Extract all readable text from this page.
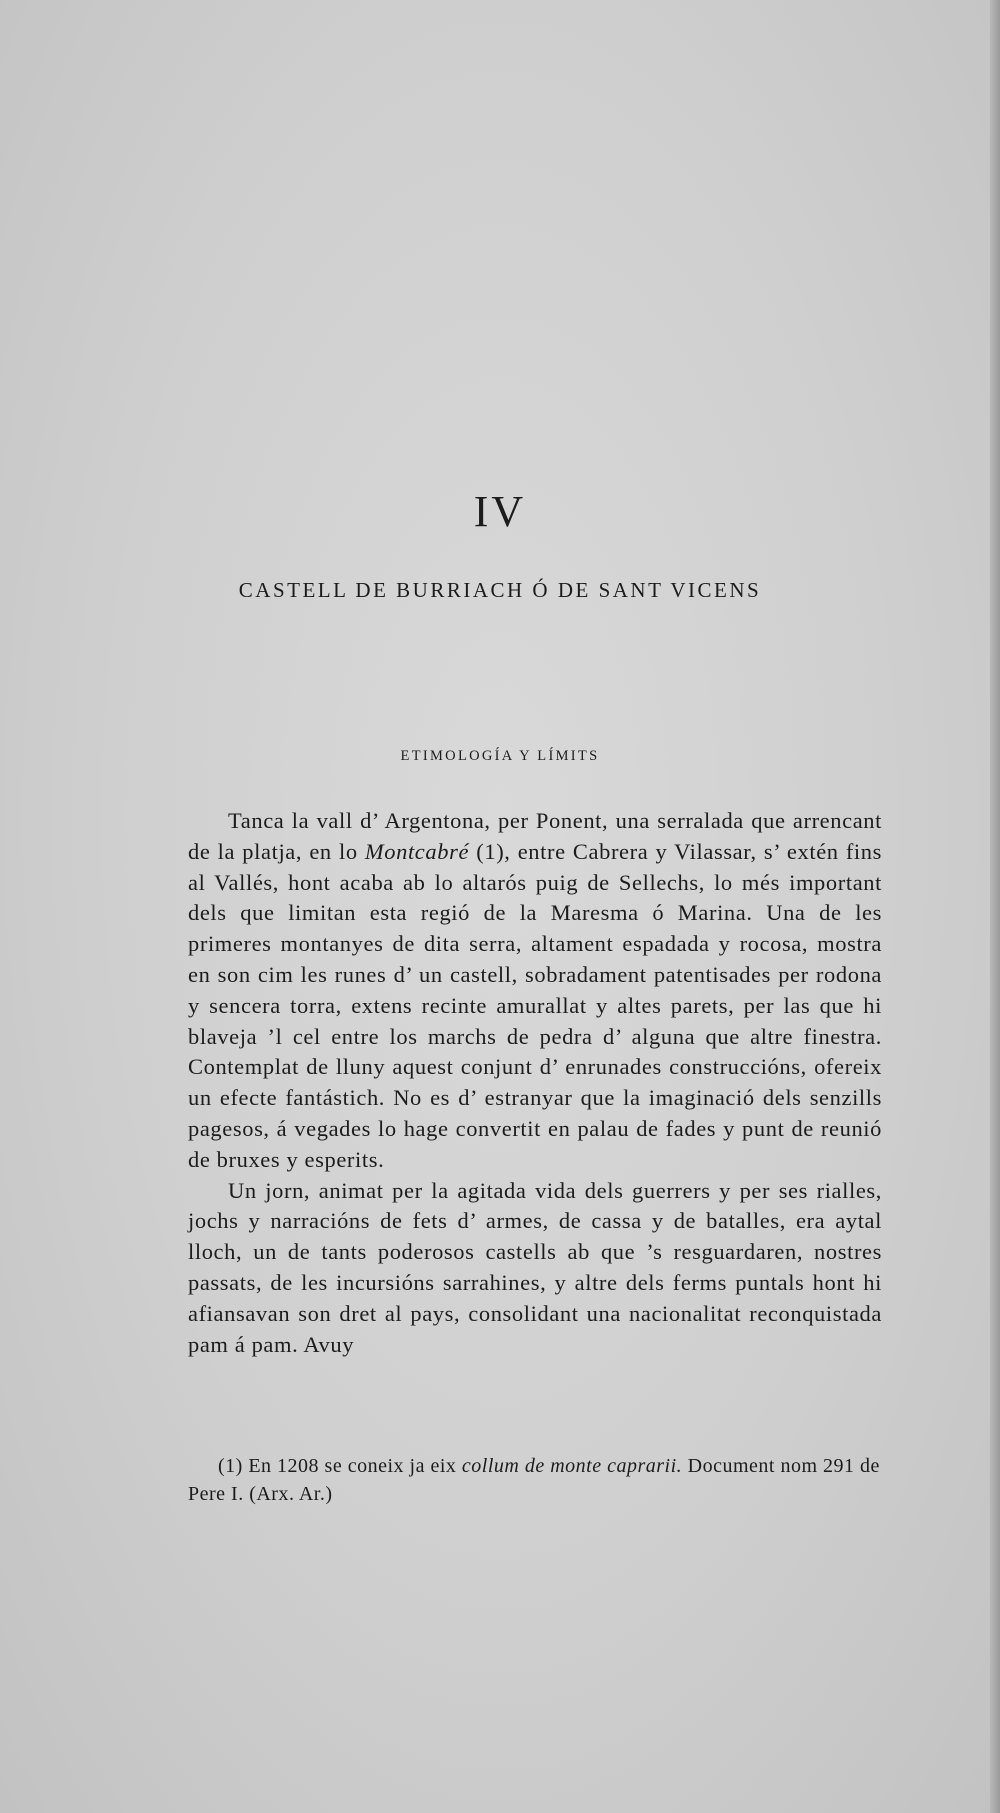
IV
CASTELL DE BURRIACH Ó DE SANT VICENS
ETIMOLOGÍA Y LÍMITS

Tanca la vall d’ Argentona, per Ponent, una serralada que arrencant de la platja, en lo Montcabré (1), entre Cabrera y Vilassar, s’ extén fins al Vallés, hont acaba ab lo altarós puig de Sellechs, lo més important dels que limitan esta regió de la Maresma ó Marina. Una de les primeres montanyes de dita serra, altament espadada y rocosa, mostra en son cim les runes d’ un castell, sobradament patentisades per rodona y sencera torra, extens recinte amurallat y altes parets, per las que hi blaveja ’l cel entre los marchs de pedra d’ alguna que altre finestra. Contemplat de lluny aquest conjunt d’ enrunades construccións, ofereix un efecte fantástich. No es d’ estranyar que la imaginació dels senzills pagesos, á vegades lo hage convertit en palau de fades y punt de reunió de bruxes y esperits.

Un jorn, animat per la agitada vida dels guerrers y per ses rialles, jochs y narracións de fets d’ armes, de cassa y de batalles, era aytal lloch, un de tants poderosos castells ab que ’s resguardaren, nostres passats, de les incursións sarrahines, y altre dels ferms puntals hont hi afiansavan son dret al pays, consolidant una nacionalitat reconquistada pam á pam. Avuy

(1) En 1208 se coneix ja eix collum de monte caprarii. Document nom 291 de Pere I. (Arx. Ar.)
